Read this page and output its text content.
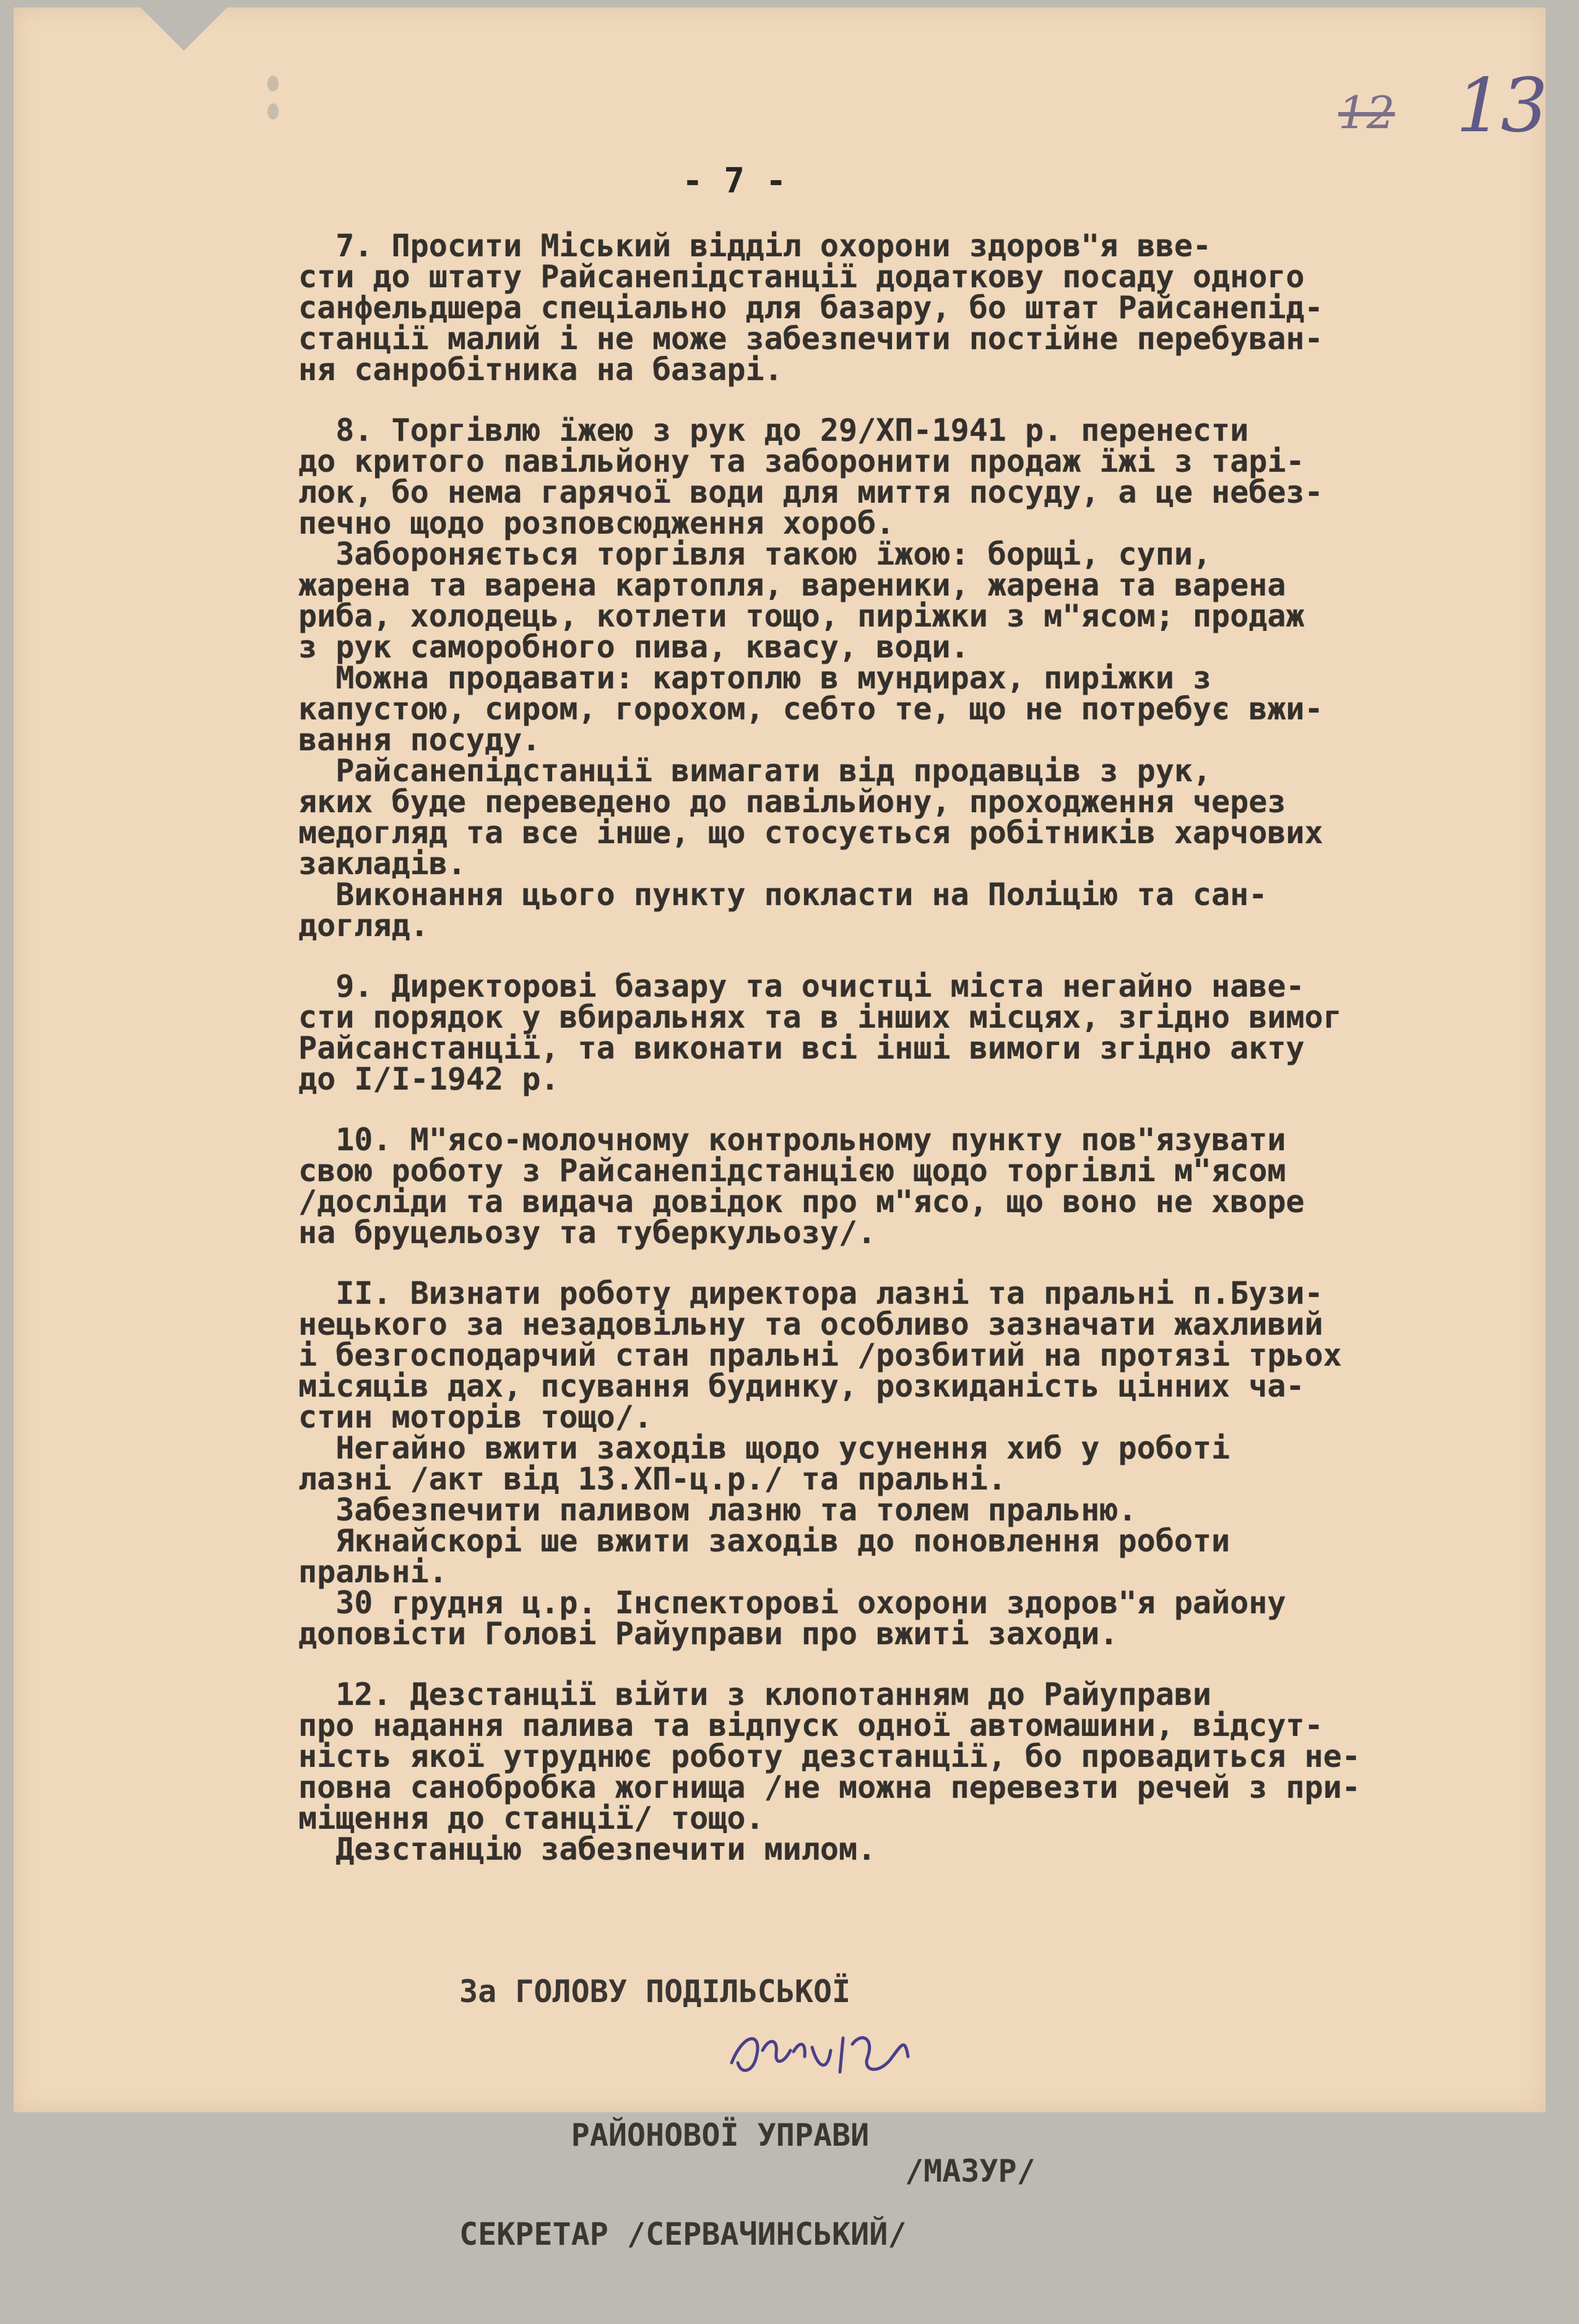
12 13
- 7 -
7. Просити Міський відділ охорони здоров"я вве-
сти до штату Райсанепідстанції додаткову посаду одного
санфельдшера спеціально для базару, бо штат Райсанепід-
станції малий і не може забезпечити постійне перебуван-
ня санробітника на базарі.
8. Торгівлю їжею з рук до 29/ХП-1941 р. перенести
до критого павільйону та заборонити продаж їжі з тарі-
лок, бо нема гарячої води для миття посуду, а це небез-
печно щодо розповсюдження хороб.
Забороняється торгівля такою їжою: борщі, супи,
жарена та варена картопля, вареники, жарена та варена
риба, холодець, котлети тощо, пиріжки з м"ясом; продаж
з рук саморобного пива, квасу, води.
Можна продавати: картоплю в мундирах, пиріжки з
капустою, сиром, горохом, себто те, що не потребує вжи-
вання посуду.
Райсанепідстанції вимагати від продавців з рук,
яких буде переведено до павільйону, проходження через
медогляд та все інше, що стосується робітників харчових
закладів.
Виконання цього пункту покласти на Поліцію та сан-
догляд.
9. Директорові базару та очистці міста негайно наве-
сти порядок у вбиральнях та в інших місцях, згідно вимог
Райсанстанції, та виконати всі інші вимоги згідно акту
до І/І-1942 р.
10. М"ясо-молочному контрольному пункту пов"язувати
свою роботу з Райсанепідстанцією щодо торгівлі м"ясом
/досліди та видача довідок про м"ясо, що воно не хворе
на бруцельозу та туберкульозу/.
II. Визнати роботу директора лазні та пральні п.Бузи-
нецького за незадовільну та особливо зазначати жахливий
і безгосподарчий стан пральні /розбитий на протязі трьох
місяців дах, псування будинку, розкиданість цінних ча-
стин моторів тощо/.
Негайно вжити заходів щодо усунення хиб у роботі
лазні /акт від 13.ХП-ц.р./ та пральні.
Забезпечити паливом лазню та толем пральню.
Якнайскорі ше вжити заходів до поновлення роботи
пральні.
30 грудня ц.р. Інспекторові охорони здоров"я району
доповісти Голові Райуправи про вжиті заходи.
12. Дезстанції війти з клопотанням до Райуправи
про надання палива та відпуск одної автомашини, відсут-
ність якої утруднює роботу дезстанції, бо провадиться не-
повна санобробка жогнища /не можна перевезти речей з при-
міщення до станції/ тощо.
Дезстанцію забезпечити милом.

За ГОЛОВУ ПОДІЛЬСЬКОЇ

РАЙОНОВОЇ УПРАВИ

/МАЗУР/

СЕКРЕТАР /СЕРВАЧИНСЬКИЙ/
